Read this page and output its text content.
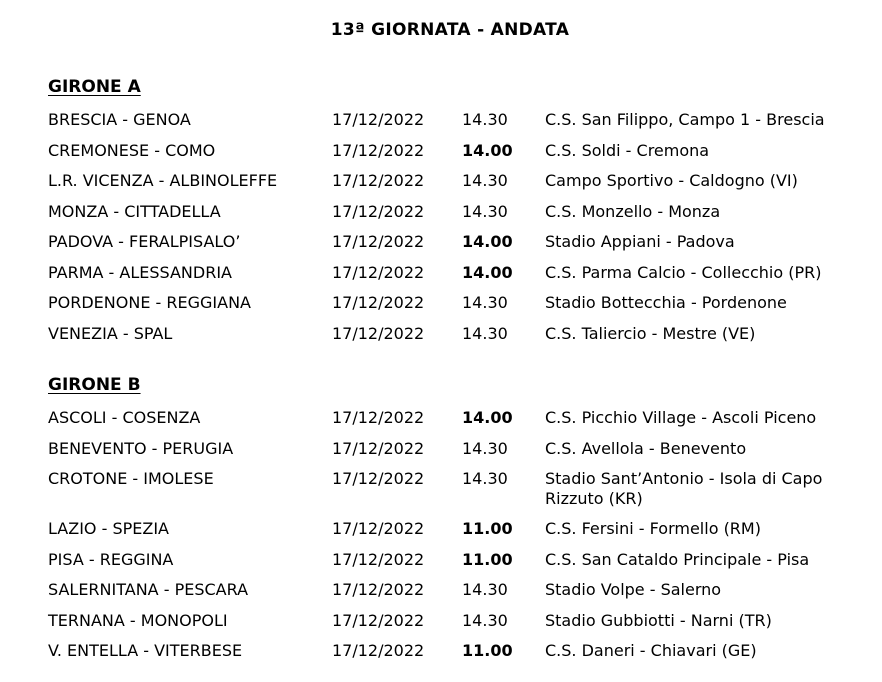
13ª GIORNATA - ANDATA
GIRONE A
BRESCIA - GENOA	17/12/2022 14.30 C.S. San Filippo, Campo 1 - Brescia
CREMONESE - COMO	17/12/2022 14.00 C.S. Soldi - Cremona
L.R. VICENZA - ALBINOLEFFE	17/12/2022 14.30 Campo Sportivo - Caldogno (VI)
MONZA - CITTADELLA	17/12/2022 14.30 C.S. Monzello - Monza
PADOVA - FERALPISALO’	17/12/2022 14.00 Stadio Appiani - Padova
PARMA - ALESSANDRIA	17/12/2022 14.00 C.S. Parma Calcio - Collecchio (PR)
PORDENONE - REGGIANA	17/12/2022 14.30 Stadio Bottecchia - Pordenone
VENEZIA - SPAL	17/12/2022 14.30 C.S. Taliercio - Mestre (VE)
GIRONE B
ASCOLI - COSENZA	17/12/2022 14.00 C.S. Picchio Village - Ascoli Piceno
BENEVENTO - PERUGIA	17/12/2022 14.30 C.S. Avellola - Benevento
CROTONE - IMOLESE	17/12/2022 14.30 Stadio Sant’Antonio - Isola di Capo Rizzuto (KR)
LAZIO - SPEZIA	17/12/2022 11.00 C.S. Fersini - Formello (RM)
PISA - REGGINA	17/12/2022 11.00 C.S. San Cataldo Principale - Pisa
SALERNITANA - PESCARA	17/12/2022 14.30 Stadio Volpe - Salerno
TERNANA - MONOPOLI	17/12/2022 14.30 Stadio Gubbiotti - Narni (TR)
V. ENTELLA - VITERBESE	17/12/2022 11.00 C.S. Daneri - Chiavari (GE)
